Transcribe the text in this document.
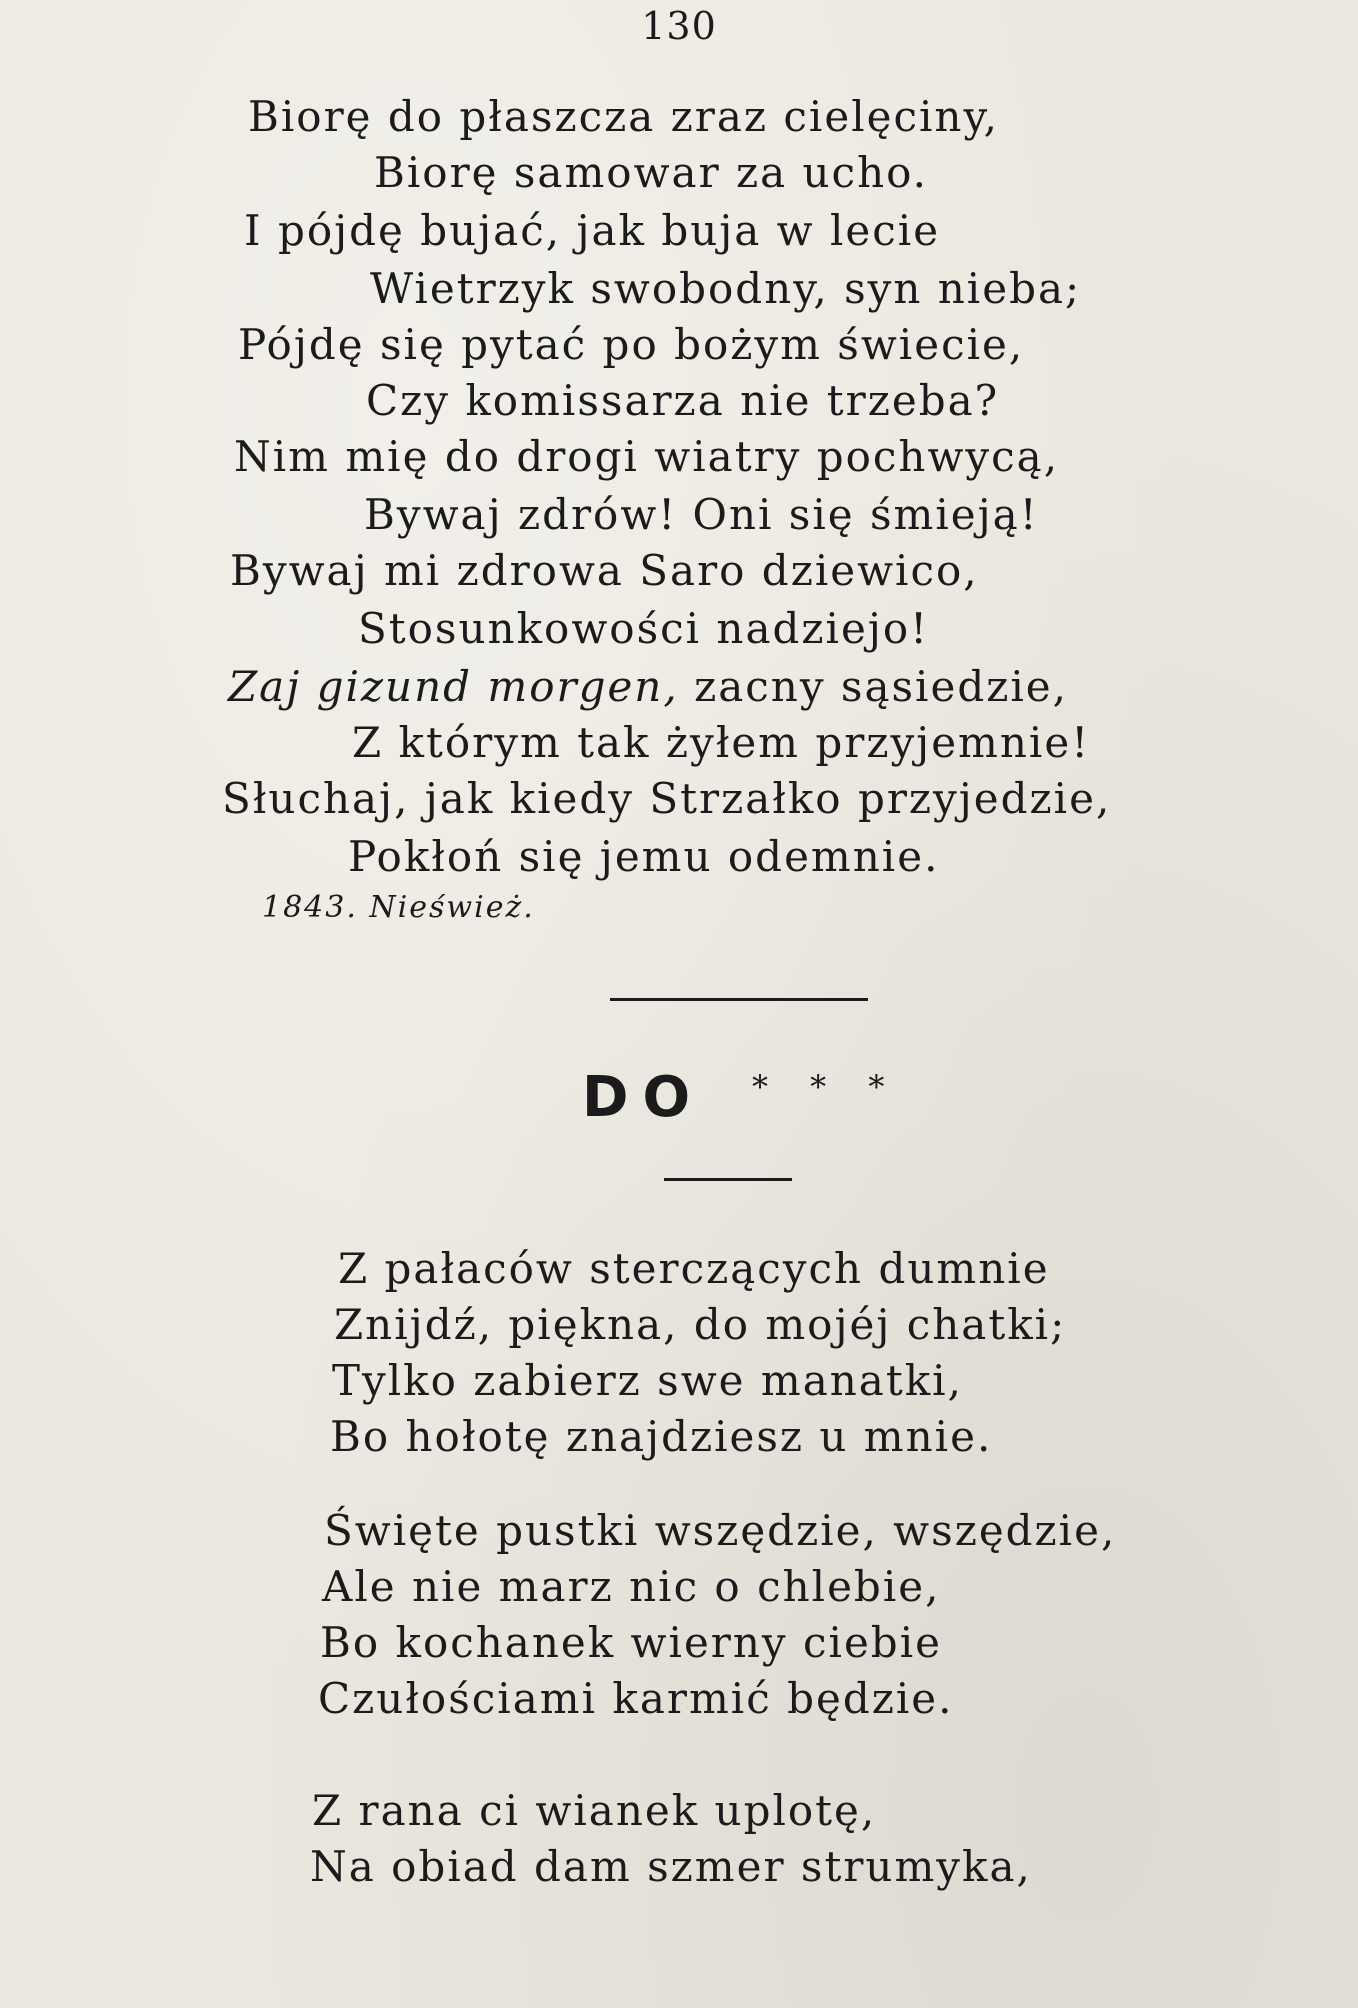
130
Biorę do płaszcza zraz cielęciny,
Biorę samowar za ucho.
I pójdę bujać, jak buja w lecie
Wietrzyk swobodny, syn nieba;
Pójdę się pytać po bożym świecie,
Czy komissarza nie trzeba?
Nim mię do drogi wiatry pochwycą,
Bywaj zdrów! Oni się śmieją!
Bywaj mi zdrowa Saro dziewico,
Stosunkowości nadziejo!
Zaj gizund morgen, zacny sąsiedzie,
Z którym tak żyłem przyjemnie!
Słuchaj, jak kiedy Strzałko przyjedzie,
Pokłoń się jemu odemnie.
1843. Nieśwież.
DO * * *
Z pałaców sterczących dumnie
Znijdź, piękna, do mojéj chatki;
Tylko zabierz swe manatki,
Bo hołotę znajdziesz u mnie.
Święte pustki wszędzie, wszędzie,
Ale nie marz nic o chlebie,
Bo kochanek wierny ciebie
Czułościami karmić będzie.
Z rana ci wianek uplotę,
Na obiad dam szmer strumyka,
